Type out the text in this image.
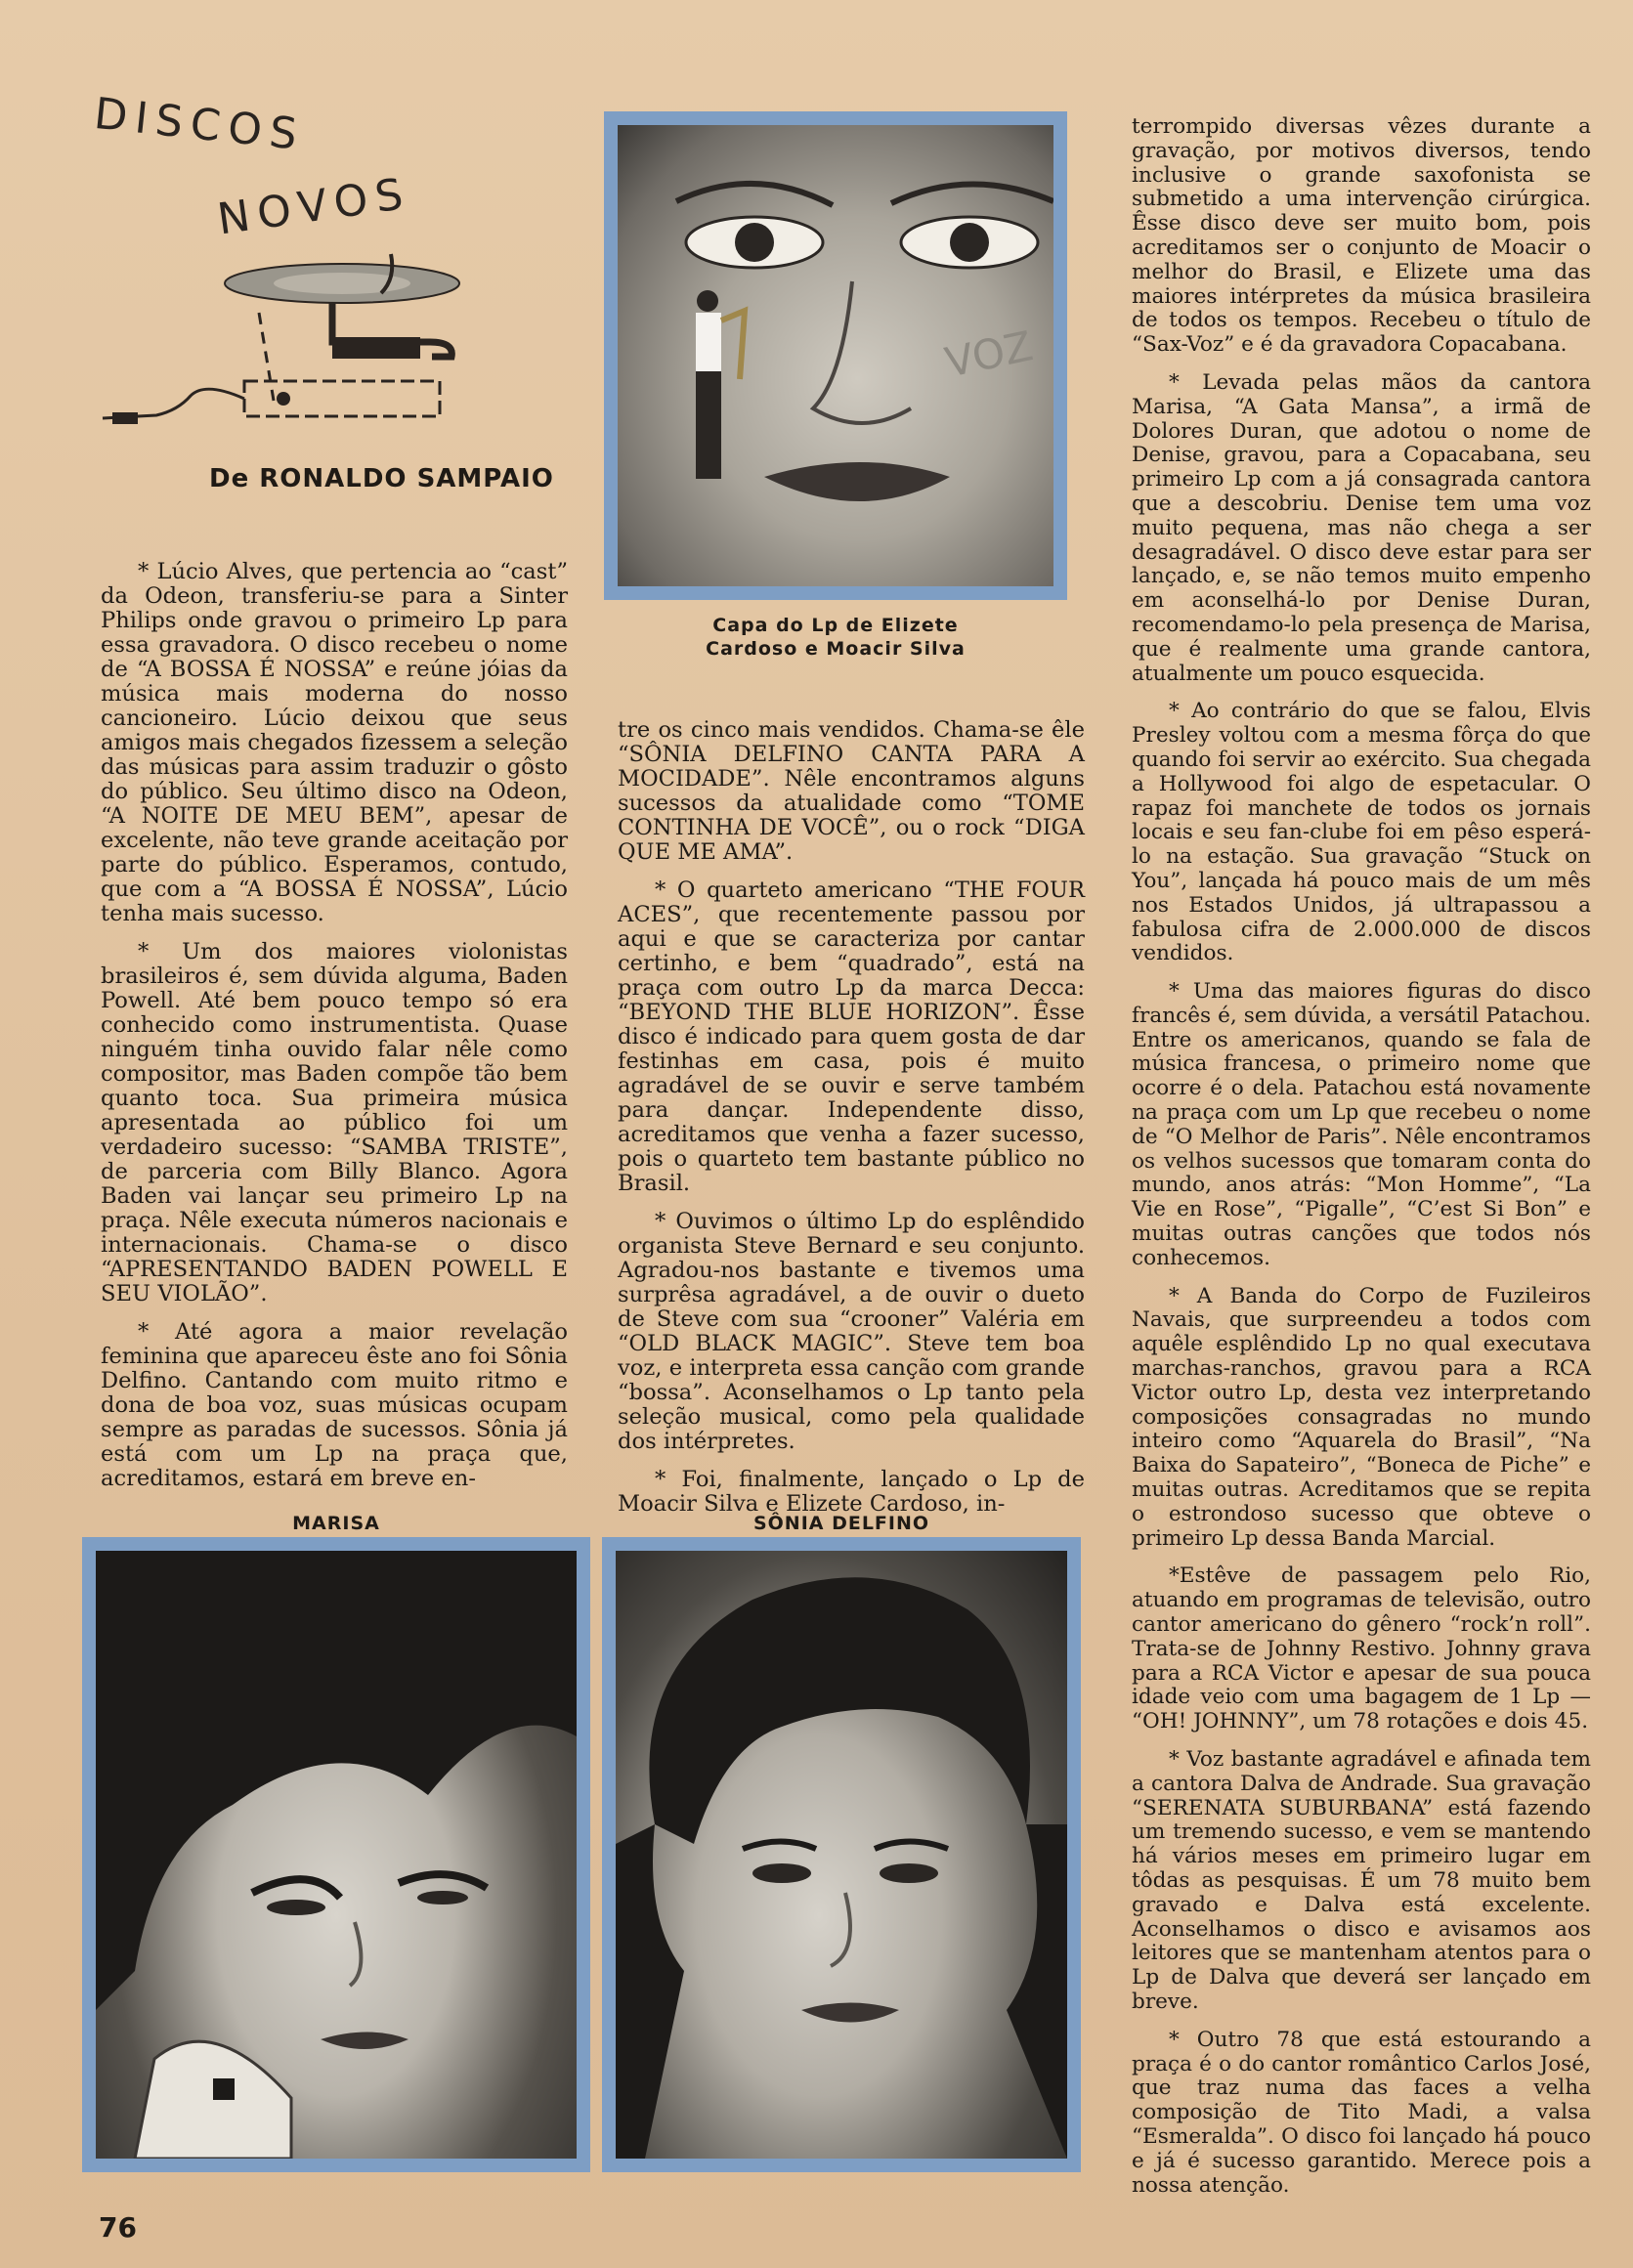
DISCOS
NOVOS
De RONALDO SAMPAIO

* Lúcio Alves, que pertencia ao “cast” da Odeon, transferiu-se para a Sinter Philips onde gravou o primeiro Lp para essa gravadora. O disco recebeu o nome de “A BOSSA É NOSSA” e reúne jóias da música mais moderna do nosso cancioneiro. Lúcio deixou que seus amigos mais chegados fizessem a seleção das músicas para assim traduzir o gôsto do público. Seu último disco na Odeon, “A NOITE DE MEU BEM”, apesar de excelente, não teve grande aceitação por parte do público. Esperamos, contudo, que com a “A BOSSA É NOSSA”, Lúcio tenha mais sucesso.

* Um dos maiores violonistas brasileiros é, sem dúvida alguma, Baden Powell. Até bem pouco tempo só era conhecido como instrumentista. Quase ninguém tinha ouvido falar nêle como compositor, mas Baden compõe tão bem quanto toca. Sua primeira música apresentada ao público foi um verdadeiro sucesso: “SAMBA TRISTE”, de parceria com Billy Blanco. Agora Baden vai lançar seu primeiro Lp na praça. Nêle executa números nacionais e internacionais. Chama-se o disco “APRESENTANDO BADEN POWELL E SEU VIOLÃO”.

* Até agora a maior revelação feminina que apareceu êste ano foi Sônia Delfino. Cantando com muito ritmo e dona de boa voz, suas músicas ocupam sempre as paradas de sucessos. Sônia já está com um Lp na praça que, acreditamos, estará em breve en-

VOZ
Capa do Lp de Elizete
Cardoso e Moacir Silva

tre os cinco mais vendidos. Chama-se êle “SÔNIA DELFINO CANTA PARA A MOCIDADE”. Nêle encontramos alguns sucessos da atualidade como “TOME CONTINHA DE VOCÊ”, ou o rock “DIGA QUE ME AMA”.

* O quarteto americano “THE FOUR ACES”, que recentemente passou por aqui e que se caracteriza por cantar certinho, e bem “quadrado”, está na praça com outro Lp da marca Decca: “BEYOND THE BLUE HORIZON”. Êsse disco é indicado para quem gosta de dar festinhas em casa, pois é muito agradável de se ouvir e serve também para dançar. Independente disso, acreditamos que venha a fazer sucesso, pois o quarteto tem bastante público no Brasil.

* Ouvimos o último Lp do esplêndido organista Steve Bernard e seu conjunto. Agradou-nos bastante e tivemos uma surprêsa agradável, a de ouvir o dueto de Steve com sua “crooner” Valéria em “OLD BLACK MAGIC”. Steve tem boa voz, e interpreta essa canção com grande “bossa”. Aconselhamos o Lp tanto pela seleção musical, como pela qualidade dos intérpretes.

* Foi, finalmente, lançado o Lp de Moacir Silva e Elizete Cardoso, in-

terrompido diversas vêzes durante a gravação, por motivos diversos, tendo inclusive o grande saxofonista se submetido a uma intervenção cirúrgica. Êsse disco deve ser muito bom, pois acreditamos ser o conjunto de Moacir o melhor do Brasil, e Elizete uma das maiores intérpretes da música brasileira de todos os tempos. Recebeu o título de “Sax-Voz” e é da gravadora Copacabana.

* Levada pelas mãos da cantora Marisa, “A Gata Mansa”, a irmã de Dolores Duran, que adotou o nome de Denise, gravou, para a Copacabana, seu primeiro Lp com a já consagrada cantora que a descobriu. Denise tem uma voz muito pequena, mas não chega a ser desagradável. O disco deve estar para ser lançado, e, se não temos muito empenho em aconselhá-lo por Denise Duran, recomendamo-lo pela presença de Marisa, que é realmente uma grande cantora, atualmente um pouco esquecida.

* Ao contrário do que se falou, Elvis Presley voltou com a mesma fôrça do que quando foi servir ao exército. Sua chegada a Hollywood foi algo de espetacular. O rapaz foi manchete de todos os jornais locais e seu fan-clube foi em pêso esperá-lo na estação. Sua gravação “Stuck on You”, lançada há pouco mais de um mês nos Estados Unidos, já ultrapassou a fabulosa cifra de 2.000.000 de discos vendidos.

* Uma das maiores figuras do disco francês é, sem dúvida, a versátil Patachou. Entre os americanos, quando se fala de música francesa, o primeiro nome que ocorre é o dela. Patachou está novamente na praça com um Lp que recebeu o nome de “O Melhor de Paris”. Nêle encontramos os velhos sucessos que tomaram conta do mundo, anos atrás: “Mon Homme”, “La Vie en Rose”, “Pigalle”, “C’est Si Bon” e muitas outras canções que todos nós conhecemos.

* A Banda do Corpo de Fuzileiros Navais, que surpreendeu a todos com aquêle esplêndido Lp no qual executava marchas-ranchos, gravou para a RCA Victor outro Lp, desta vez interpretando composições consagradas no mundo inteiro como “Aquarela do Brasil”, “Na Baixa do Sapateiro”, “Boneca de Piche” e muitas outras. Acreditamos que se repita o estrondoso sucesso que obteve o primeiro Lp dessa Banda Marcial.

*Estêve de passagem pelo Rio, atuando em programas de televisão, outro cantor americano do gênero “rock’n roll”. Trata-se de Johnny Restivo. Johnny grava para a RCA Victor e apesar de sua pouca idade veio com uma bagagem de 1 Lp — “OH! JOHNNY”, um 78 rotações e dois 45.

* Voz bastante agradável e afinada tem a cantora Dalva de Andrade. Sua gravação “SERENATA SUBURBANA” está fazendo um tremendo sucesso, e vem se mantendo há vários meses em primeiro lugar em tôdas as pesquisas. É um 78 muito bem gravado e Dalva está excelente. Aconselhamos o disco e avisamos aos leitores que se mantenham atentos para o Lp de Dalva que deverá ser lançado em breve.

* Outro 78 que está estourando a praça é o do cantor romântico Carlos José, que traz numa das faces a velha composição de Tito Madi, a valsa “Esmeralda”. O disco foi lançado há pouco e já é sucesso garantido. Merece pois a nossa atenção.

MARISA	SÔNIA DELFINO
76
